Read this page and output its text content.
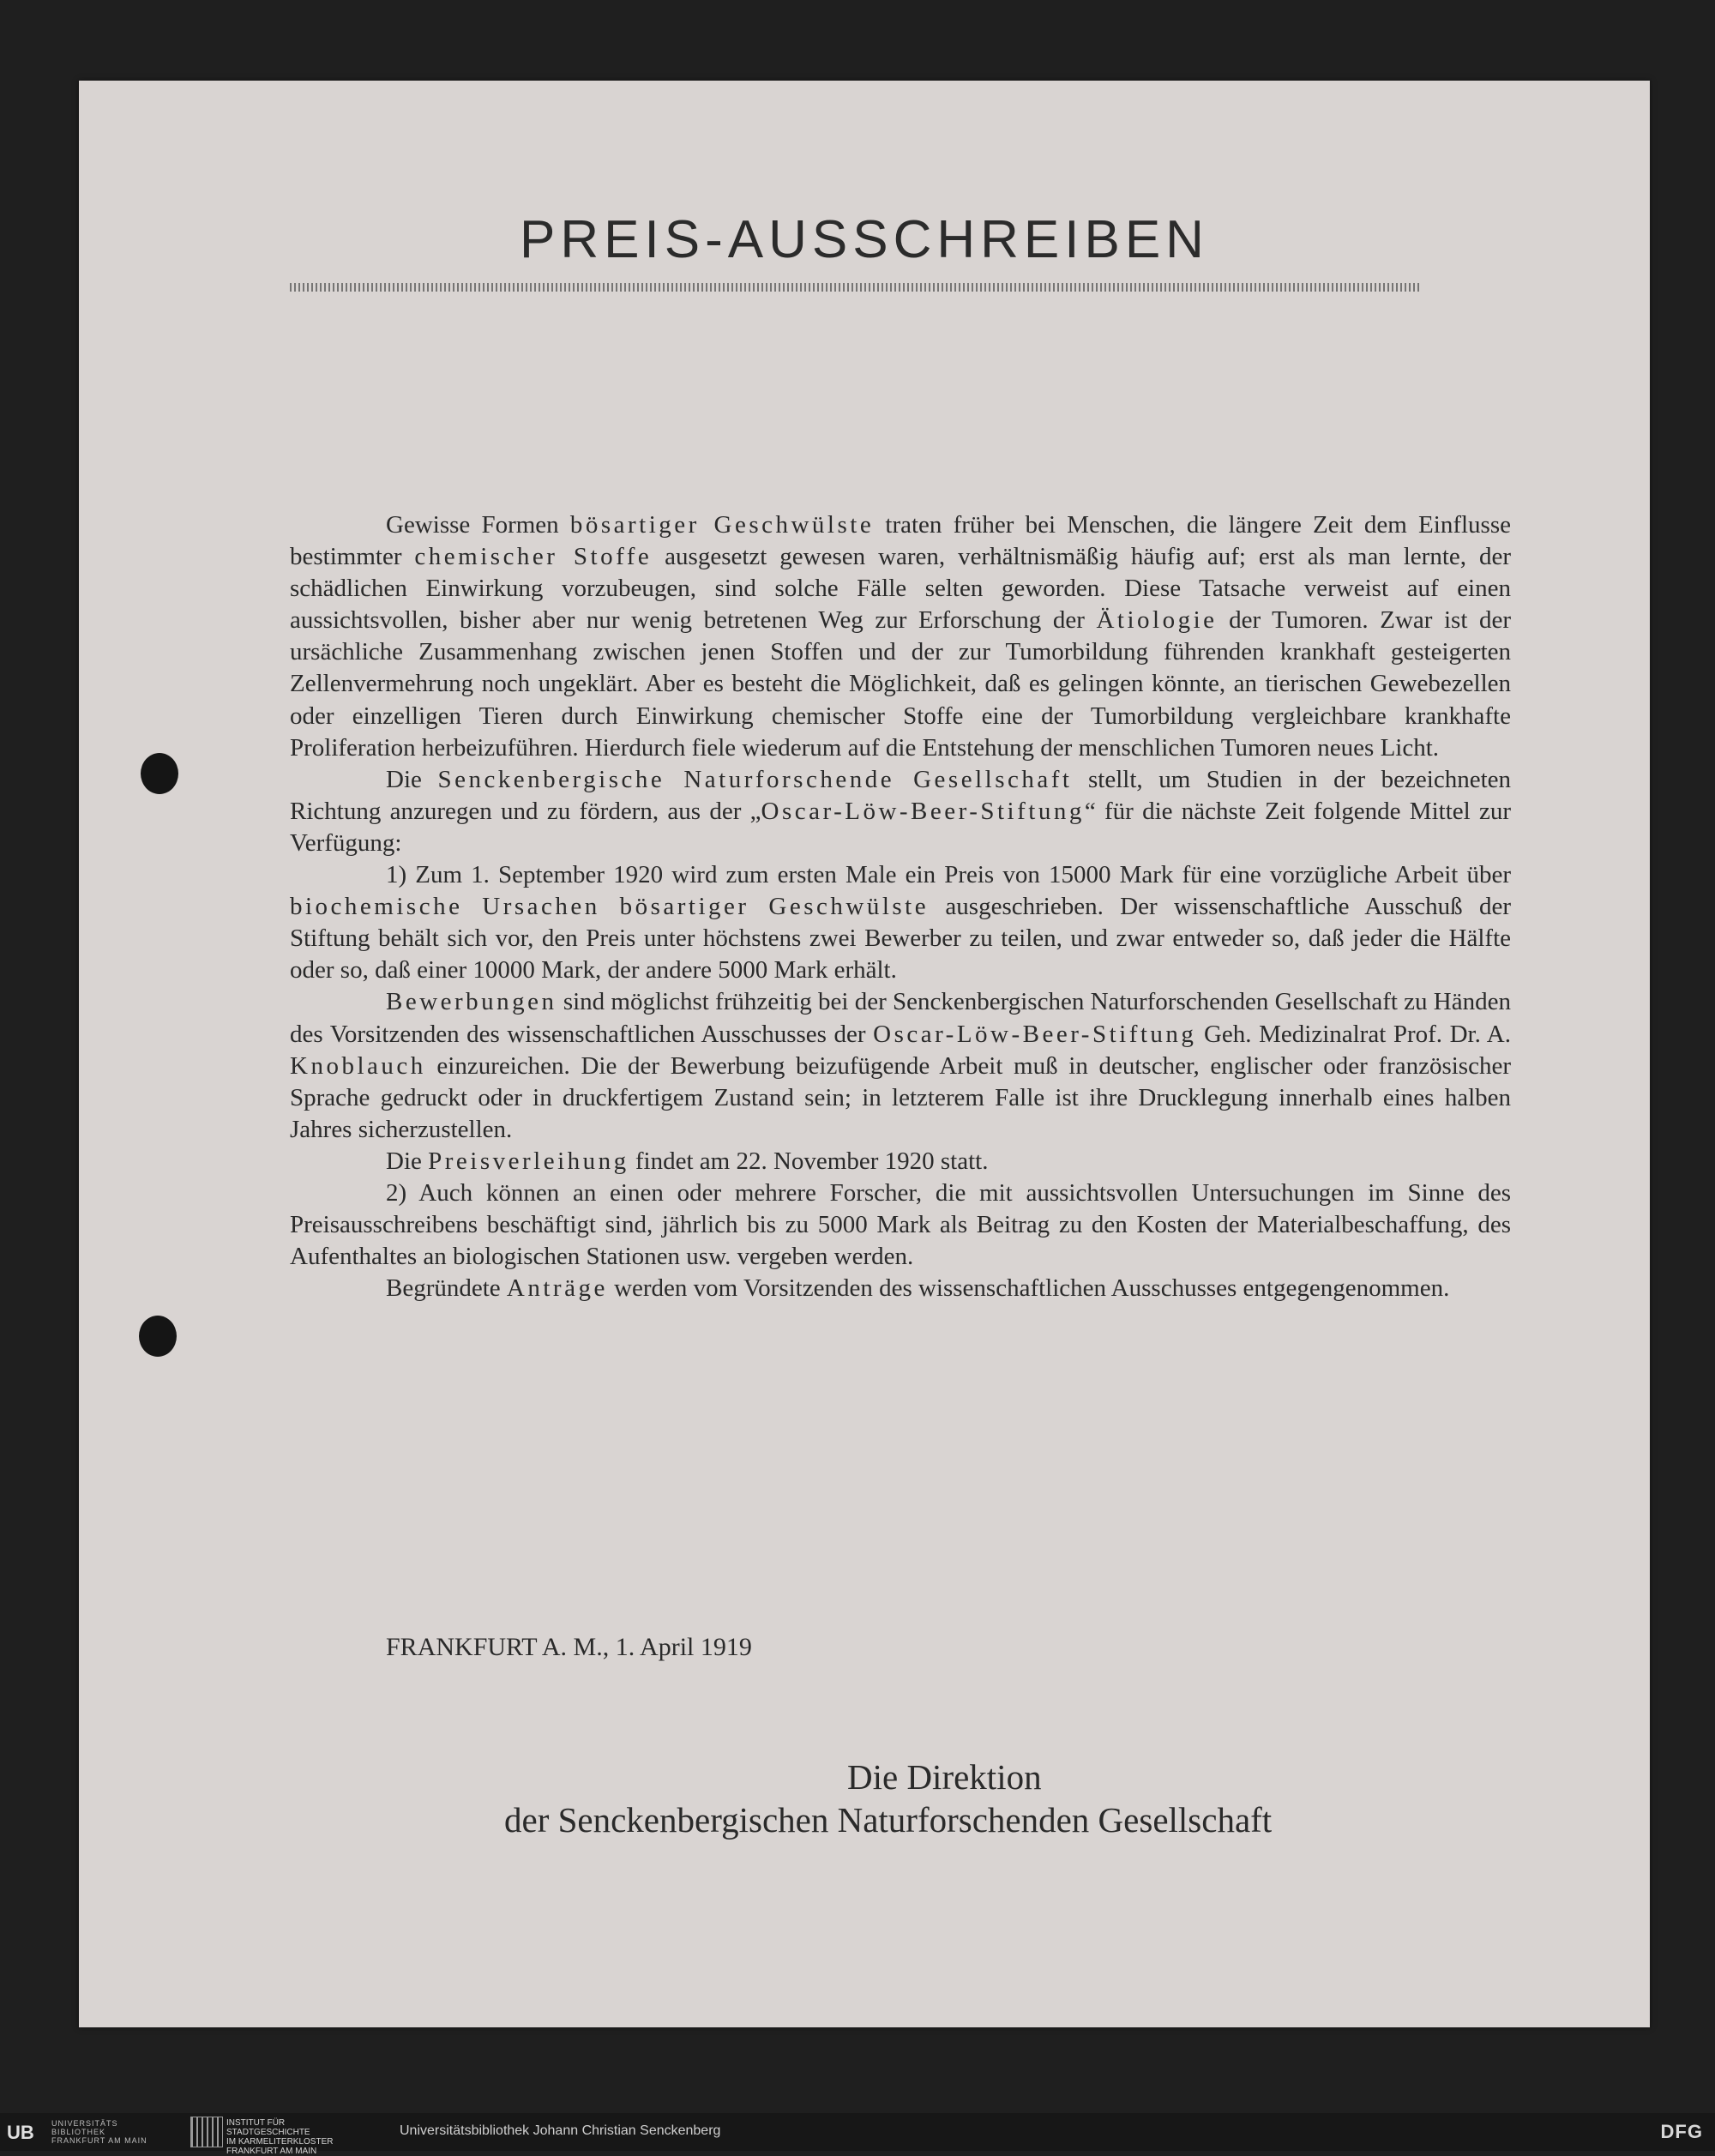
PREIS-AUSSCHREIBEN

Gewisse Formen bösartiger Geschwülste traten früher bei Menschen, die längere Zeit dem Einflusse bestimmter chemischer Stoffe ausgesetzt gewesen waren, verhältnismäßig häufig auf; erst als man lernte, der schädlichen Einwirkung vorzubeugen, sind solche Fälle selten geworden. Diese Tatsache verweist auf einen aussichtsvollen, bisher aber nur wenig betretenen Weg zur Erforschung der Ätiologie der Tumoren. Zwar ist der ursächliche Zusammenhang zwischen jenen Stoffen und der zur Tumorbildung führenden krankhaft gesteigerten Zellenvermehrung noch ungeklärt. Aber es besteht die Möglichkeit, daß es gelingen könnte, an tierischen Gewebezellen oder einzelligen Tieren durch Einwirkung chemischer Stoffe eine der Tumorbildung vergleichbare krankhafte Proliferation herbeizuführen. Hierdurch fiele wiederum auf die Entstehung der menschlichen Tumoren neues Licht.

Die Senckenbergische Naturforschende Gesellschaft stellt, um Studien in der bezeichneten Richtung anzuregen und zu fördern, aus der „Oscar-Löw-Beer-Stiftung“ für die nächste Zeit folgende Mittel zur Verfügung:

1) Zum 1. September 1920 wird zum ersten Male ein Preis von 15000 Mark für eine vorzügliche Arbeit über biochemische Ursachen bösartiger Geschwülste ausgeschrieben. Der wissenschaftliche Ausschuß der Stiftung behält sich vor, den Preis unter höchstens zwei Bewerber zu teilen, und zwar entweder so, daß jeder die Hälfte oder so, daß einer 10000 Mark, der andere 5000 Mark erhält.

Bewerbungen sind möglichst frühzeitig bei der Senckenbergischen Naturforschenden Gesellschaft zu Händen des Vorsitzenden des wissenschaftlichen Ausschusses der Oscar-Löw-Beer-Stiftung Geh. Medizinalrat Prof. Dr. A. Knoblauch einzureichen. Die der Bewerbung beizufügende Arbeit muß in deutscher, englischer oder französischer Sprache gedruckt oder in druckfertigem Zustand sein; in letzterem Falle ist ihre Drucklegung innerhalb eines halben Jahres sicherzustellen.

Die Preisverleihung findet am 22. November 1920 statt.

2) Auch können an einen oder mehrere Forscher, die mit aussichtsvollen Untersuchungen im Sinne des Preisausschreibens beschäftigt sind, jährlich bis zu 5000 Mark als Beitrag zu den Kosten der Materialbeschaffung, des Aufenthaltes an biologischen Stationen usw. vergeben werden.

Begründete Anträge werden vom Vorsitzenden des wissenschaftlichen Ausschusses entgegengenommen.

FRANKFURT A. M., 1. April 1919
Die Direktion
der Senckenbergischen Naturforschenden Gesellschaft
UB UNIVERSITÄTS
BIBLIOTHEK
FRANKFURT AM MAIN
INSTITUT FÜR
STADTGESCHICHTE
IM KARMELITERKLOSTER
FRANKFURT AM MAIN
Universitätsbibliothek Johann Christian Senckenberg	DFG
